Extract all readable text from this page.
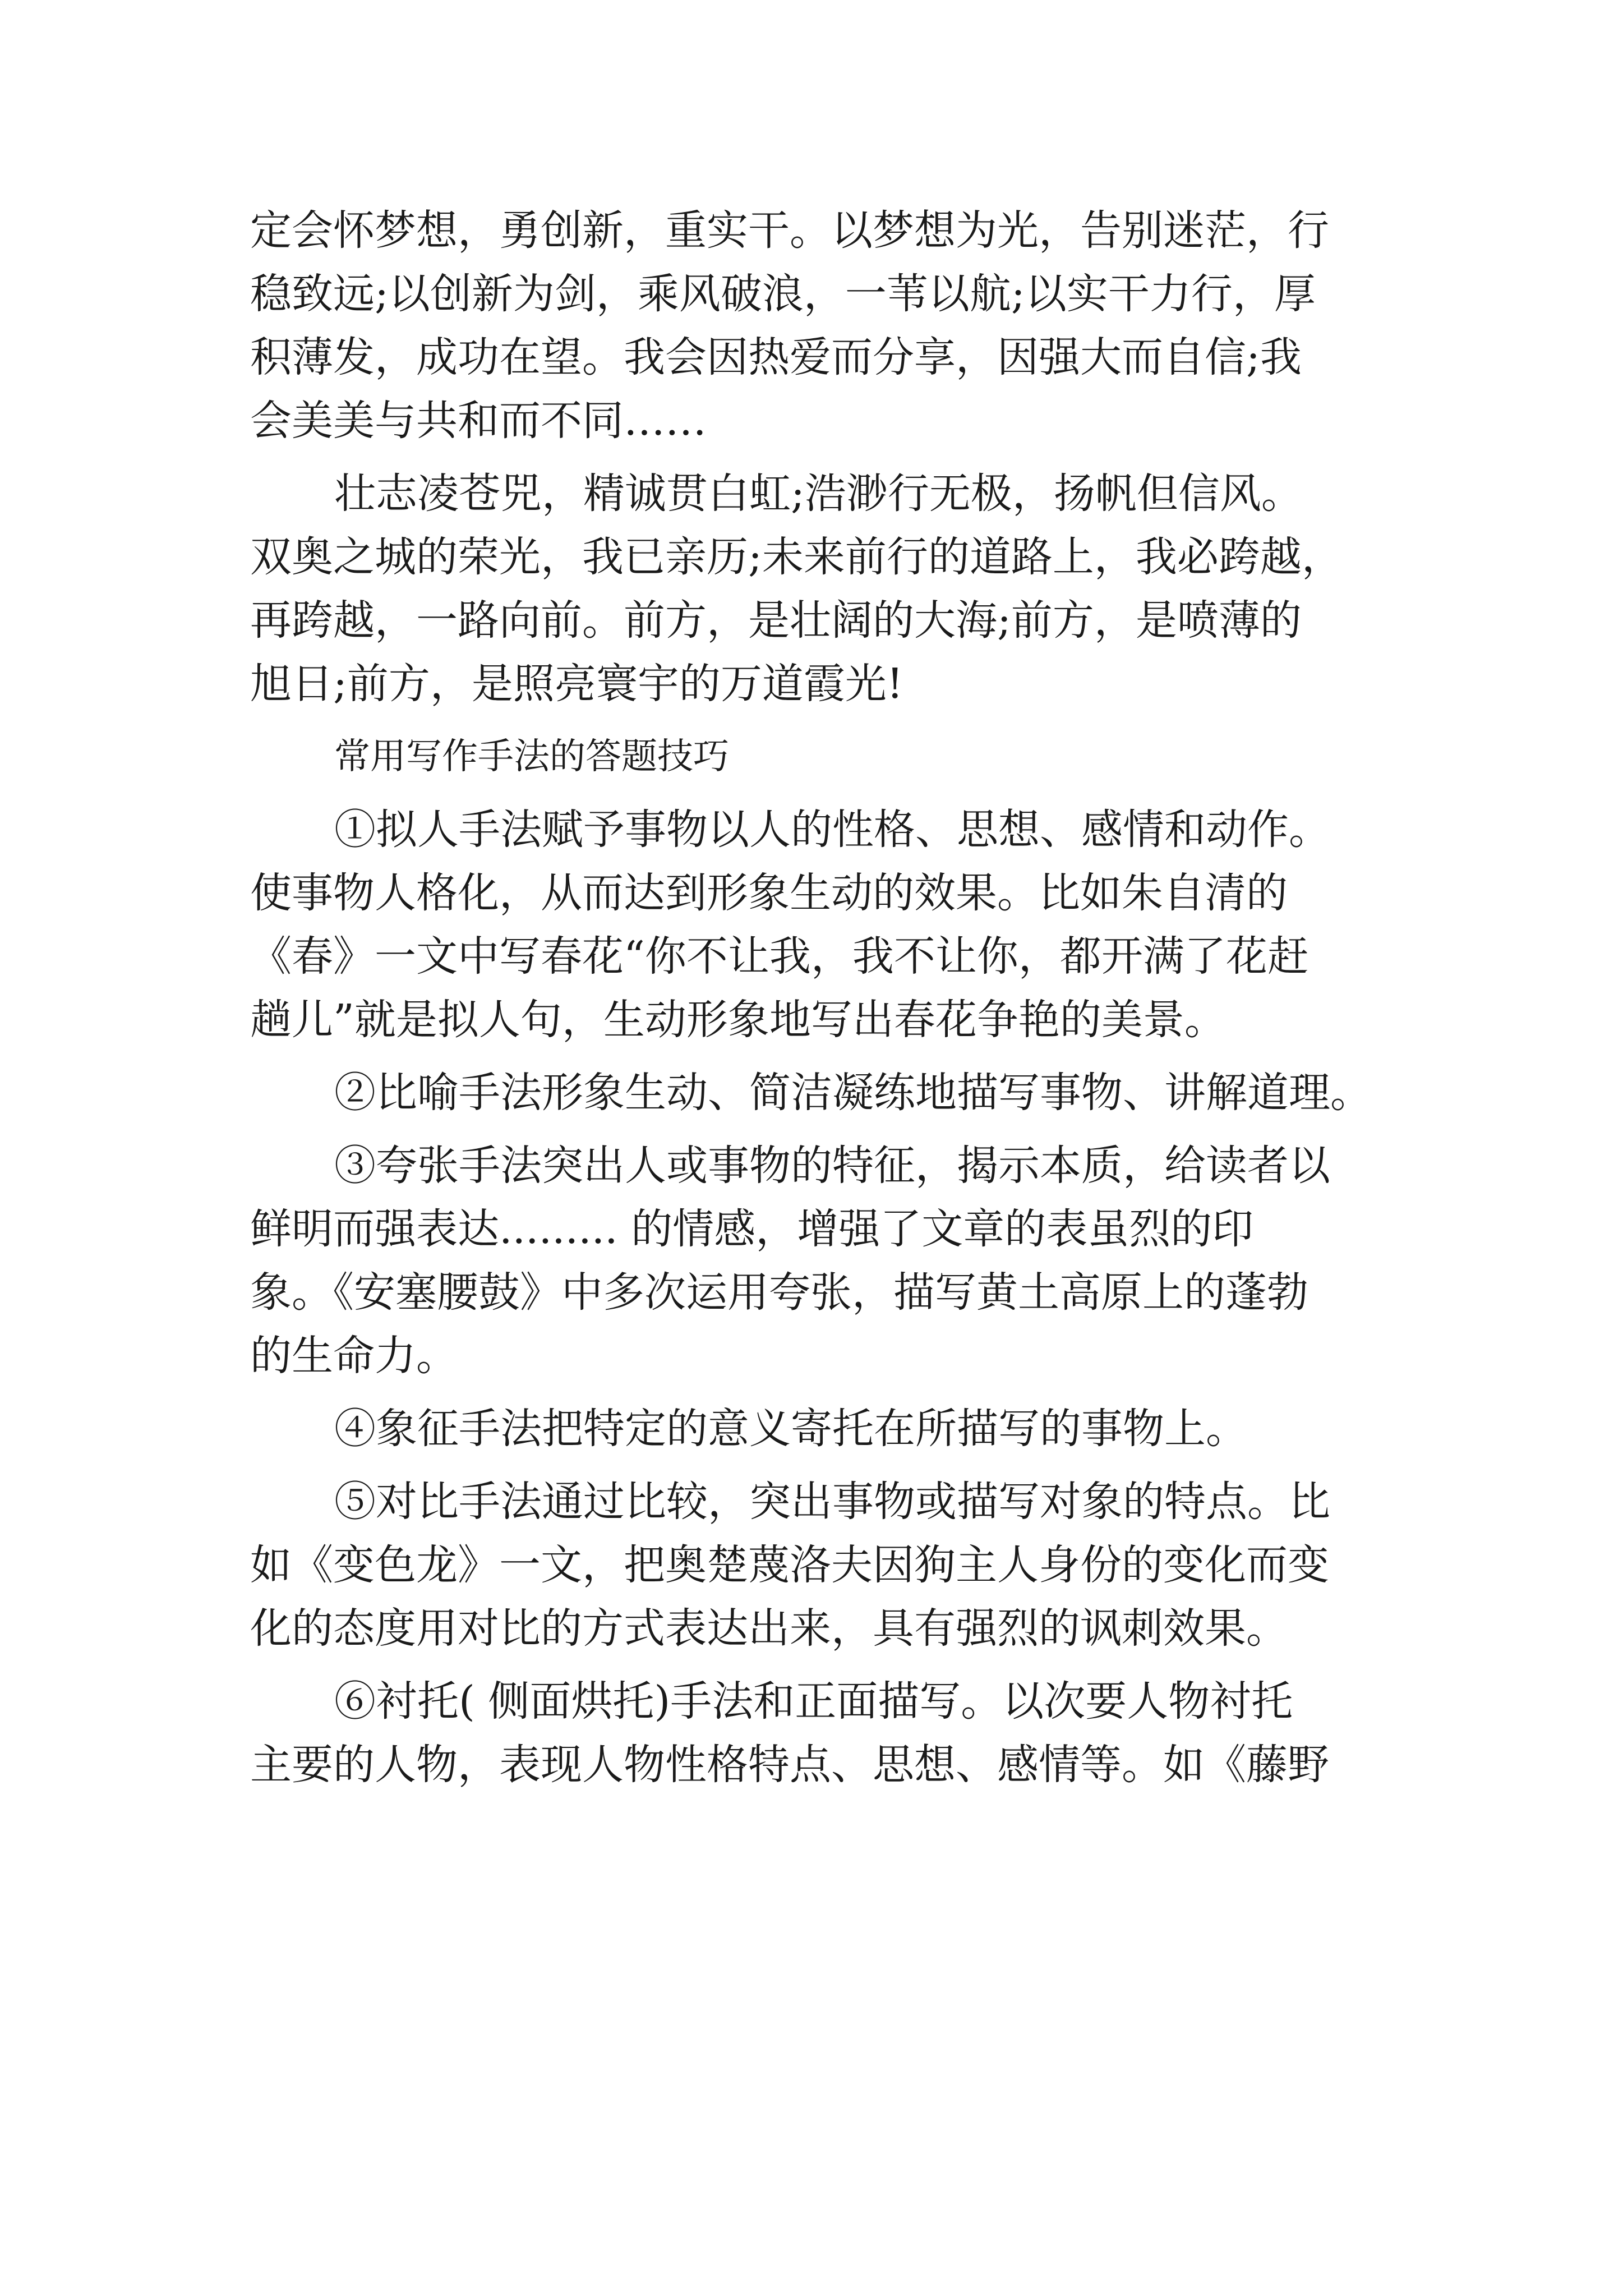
定会怀梦想，勇创新，重实干。以梦想为光，告别迷茫，行
稳致远;以创新为剑，乘风破浪，一苇以航;以实干力行，厚
积薄发，成功在望。我会因热爱而分享，因强大而自信;我
会美美与共和而不同……
壮志凌苍兕，精诚贯白虹;浩渺行无极，扬帆但信风。
双奥之城的荣光，我已亲历;未来前行的道路上，我必跨越，
再跨越，一路向前。前方，是壮阔的大海;前方，是喷薄的
旭日;前方，是照亮寰宇的万道霞光!
常用写作手法的答题技巧
①拟人手法赋予事物以人的性格、思想、感情和动作。
使事物人格化，从而达到形象生动的效果。比如朱自清的
《春》一文中写春花“你不让我，我不让你，都开满了花赶
趟儿”就是拟人句，生动形象地写出春花争艳的美景。
②比喻手法形象生动、简洁凝练地描写事物、讲解道理。
③夸张手法突出人或事物的特征，揭示本质，给读者以
鲜明而强表达......... 的情感，增强了文章的表虽烈的印
象。《安塞腰鼓》中多次运用夸张，描写黄土高原上的蓬勃
的生命力。
④象征手法把特定的意义寄托在所描写的事物上。
⑤对比手法通过比较，突出事物或描写对象的特点。比
如《变色龙》一文，把奥楚蔑洛夫因狗主人身份的变化而变
化的态度用对比的方式表达出来，具有强烈的讽刺效果。
⑥衬托( 侧面烘托)手法和正面描写。以次要人物衬托
主要的人物，表现人物性格特点、思想、感情等。如《藤野
